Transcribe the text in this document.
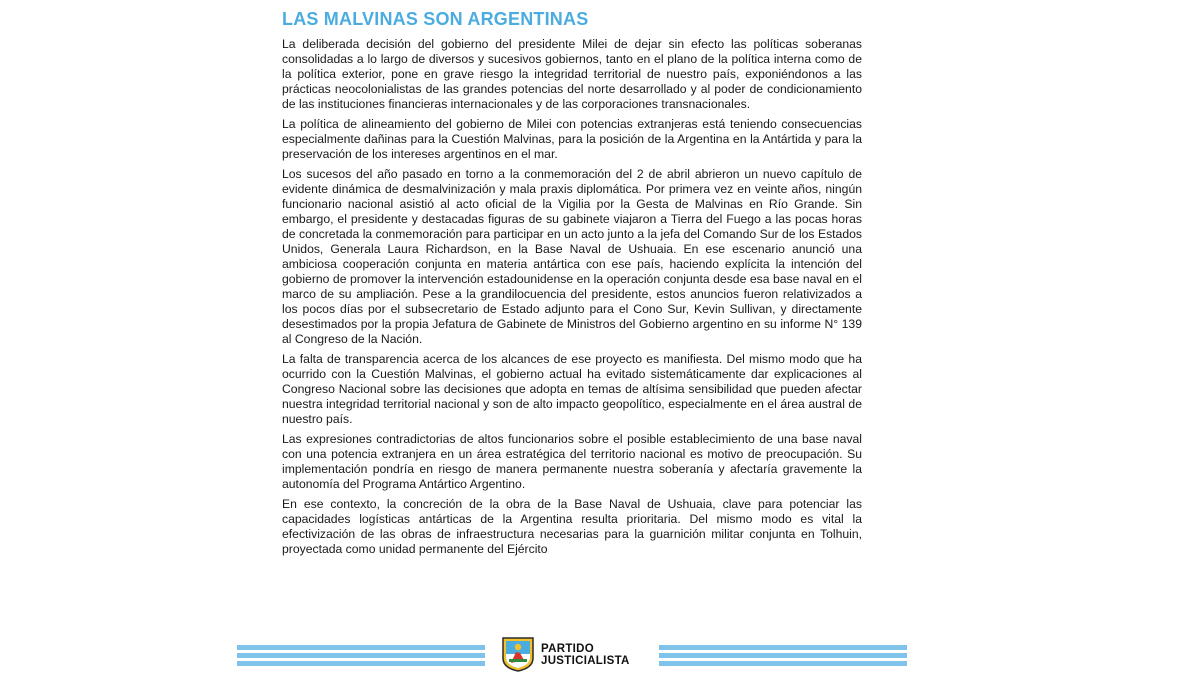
LAS MALVINAS SON ARGENTINAS

La deliberada decisión del gobierno del presidente Milei de dejar sin efecto las políticas soberanas consolidadas a lo largo de diversos y sucesivos gobiernos, tanto en el plano de la política interna como de la política exterior, pone en grave riesgo la integridad territorial de nuestro país, exponiéndonos a las prácticas neocolonialistas de las grandes potencias del norte desarrollado y al poder de condicionamiento de las instituciones financieras internacionales y de las corporaciones transnacionales.

La política de alineamiento del gobierno de Milei con potencias extranjeras está teniendo consecuencias especialmente dañinas para la Cuestión Malvinas, para la posición de la Argentina en la Antártida y para la preservación de los intereses argentinos en el mar.

Los sucesos del año pasado en torno a la conmemoración del 2 de abril abrieron un nuevo capítulo de evidente dinámica de desmalvinización y mala praxis diplomática. Por primera vez en veinte años, ningún funcionario nacional asistió al acto oficial de la Vigilia por la Gesta de Malvinas en Río Grande. Sin embargo, el presidente y destacadas figuras de su gabinete viajaron a Tierra del Fuego a las pocas horas de concretada la conmemoración para participar en un acto junto a la jefa del Comando Sur de los Estados Unidos, Generala Laura Richardson, en la Base Naval de Ushuaia. En ese escenario anunció una ambiciosa cooperación conjunta en materia antártica con ese país, haciendo explícita la intención del gobierno de promover la intervención estadounidense en la operación conjunta desde esa base naval en el marco de su ampliación. Pese a la grandilocuencia del presidente, estos anuncios fueron relativizados a los pocos días por el subsecretario de Estado adjunto para el Cono Sur, Kevin Sullivan, y directamente desestimados por la propia Jefatura de Gabinete de Ministros del Gobierno argentino en su informe N° 139 al Congreso de la Nación.

La falta de transparencia acerca de los alcances de ese proyecto es manifiesta. Del mismo modo que ha ocurrido con la Cuestión Malvinas, el gobierno actual ha evitado sistemáticamente dar explicaciones al Congreso Nacional sobre las decisiones que adopta en temas de altísima sensibilidad que pueden afectar nuestra integridad territorial nacional y son de alto impacto geopolítico, especialmente en el área austral de nuestro país.

Las expresiones contradictorias de altos funcionarios sobre el posible establecimiento de una base naval con una potencia extranjera en un área estratégica del territorio nacional es motivo de preocupación. Su implementación pondría en riesgo de manera permanente nuestra soberanía y afectaría gravemente la autonomía del Programa Antártico Argentino.

En ese contexto, la concreción de la obra de la Base Naval de Ushuaia, clave para potenciar las capacidades logísticas antárticas de la Argentina resulta prioritaria. Del mismo modo es vital la efectivización de las obras de infraestructura necesarias para la guarnición militar conjunta en Tolhuin, proyectada como unidad permanente del Ejército

PARTIDO
JUSTICIALISTA
